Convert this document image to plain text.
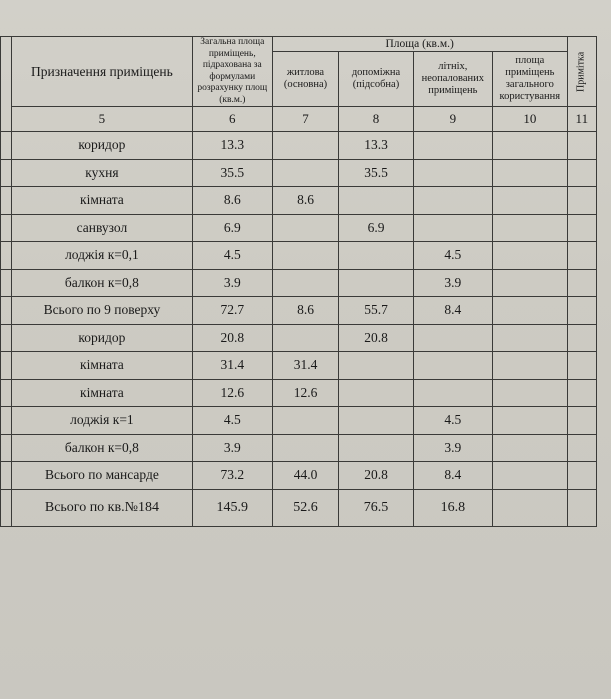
	Призначення приміщень	Загальна площа приміщень, підрахована за формулами розрахунку площ (кв.м.)	Площа (кв.м.)				Примітка
			житлова (основна)	допоміжна (підсобна)	літніх, неопалованих приміщень	площа приміщень загального користування	
	5	6	7	8	9	10	11
	коридор	13.3		13.3			
	кухня	35.5		35.5			
	кімната	8.6	8.6				
	санвузол	6.9		6.9			
	лоджія к=0,1	4.5			4.5		
	балкон к=0,8	3.9			3.9		
	Всього по 9 поверху	72.7	8.6	55.7	8.4		
	коридор	20.8		20.8			
	кімната	31.4	31.4				
	кімната	12.6	12.6				
	лоджія к=1	4.5			4.5		
	балкон к=0,8	3.9			3.9		
	Всього по мансарде	73.2	44.0	20.8	8.4		
	Всього по кв.№184	145.9	52.6	76.5	16.8		
